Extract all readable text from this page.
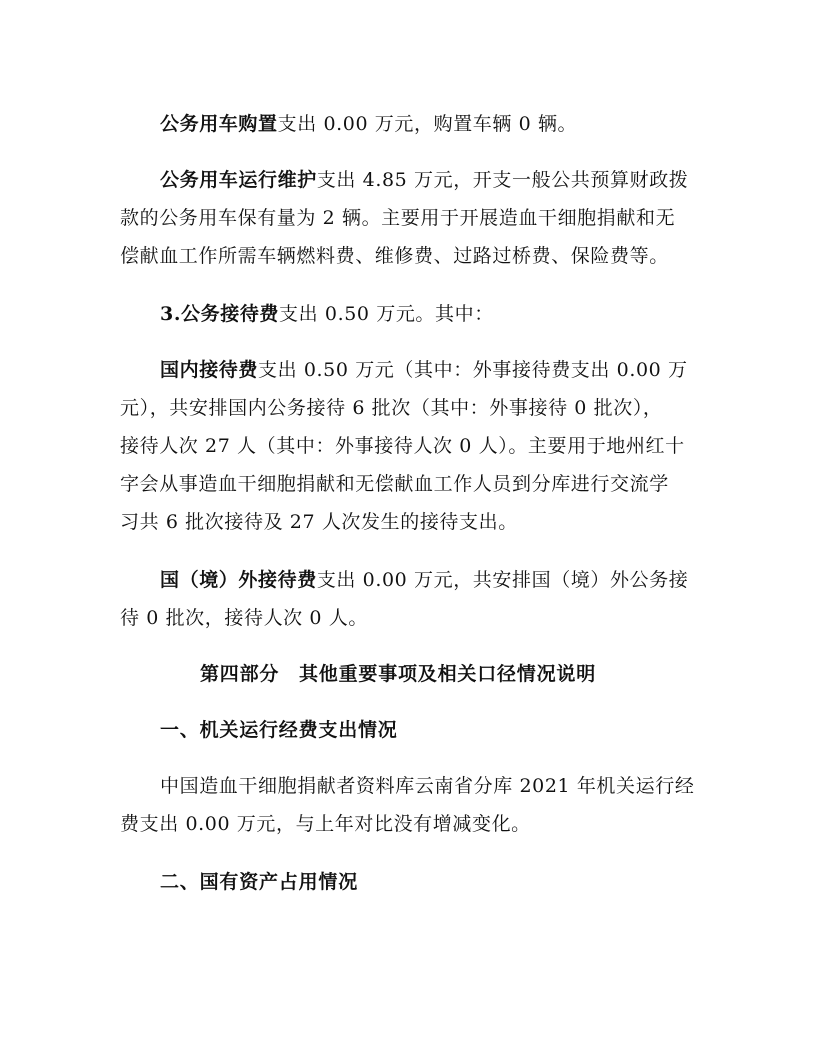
公务用车购置支出 0.00 万元，购置车辆 0 辆。
公务用车运行维护支出 4.85 万元，开支一般公共预算财政拨
款的公务用车保有量为 2 辆。主要用于开展造血干细胞捐献和无
偿献血工作所需车辆燃料费、维修费、过路过桥费、保险费等。
3.公务接待费支出 0.50 万元。其中：
国内接待费支出 0.50 万元（其中：外事接待费支出 0.00 万
元），共安排国内公务接待 6 批次（其中：外事接待 0 批次），
接待人次 27 人（其中：外事接待人次 0 人）。主要用于地州红十
字会从事造血干细胞捐献和无偿献血工作人员到分库进行交流学
习共 6 批次接待及 27 人次发生的接待支出。
国（境）外接待费支出 0.00 万元，共安排国（境）外公务接
待 0 批次，接待人次 0 人。
第四部分　其他重要事项及相关口径情况说明
一、机关运行经费支出情况
中国造血干细胞捐献者资料库云南省分库 2021 年机关运行经
费支出 0.00 万元，与上年对比没有增减变化。
二、国有资产占用情况
